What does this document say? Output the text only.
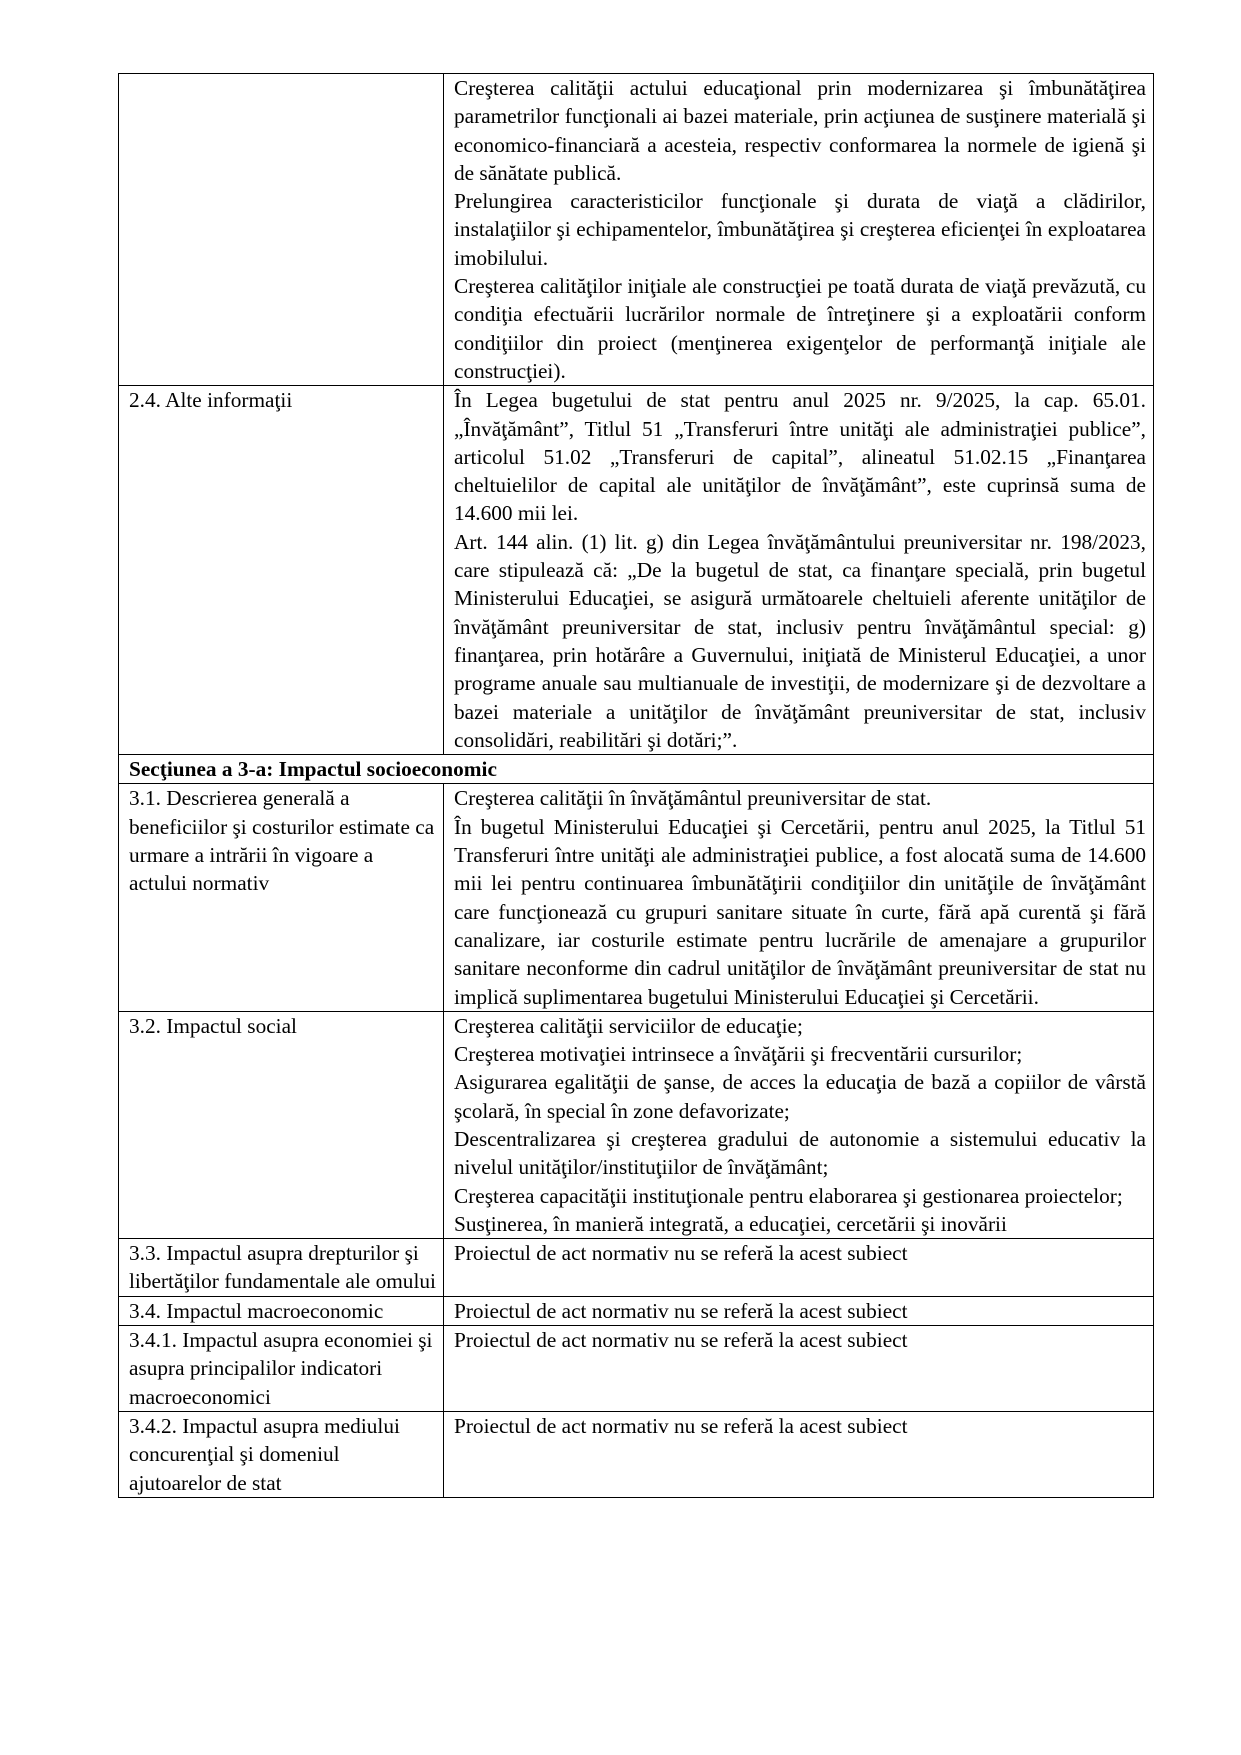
	Creşterea calităţii actului educaţional prin modernizarea şi îmbunătăţirea parametrilor funcţionali ai bazei materiale, prin acţiunea de susţinere materială şi economico-financiară a acesteia, respectiv conformarea la normele de igienă şi de sănătate publică.

Prelungirea caracteristicilor funcţionale şi durata de viaţă a clădirilor, instalaţiilor şi echipamentelor, îmbunătăţirea şi creşterea eficienţei în exploatarea imobilului.

Creşterea calităţilor iniţiale ale construcţiei pe toată durata de viaţă prevăzută, cu condiţia efectuării lucrărilor normale de întreţinere şi a exploatării conform condiţiilor din proiect (menţinerea exigenţelor de performanţă iniţiale ale construcţiei).

2.4. Alte informaţii	În Legea bugetului de stat pentru anul 2025 nr. 9/2025, la cap. 65.01. „Învăţământ”, Titlul 51 „Transferuri între unităţi ale administraţiei publice”, articolul 51.02 „Transferuri de capital”, alineatul 51.02.15 „Finanţarea cheltuielilor de capital ale unităţilor de învăţământ”, este cuprinsă suma de 14.600 mii lei.

Art. 144 alin. (1) lit. g) din Legea învăţământului preuniversitar nr. 198/2023, care stipulează că: „De la bugetul de stat, ca finanţare specială, prin bugetul Ministerului Educaţiei, se asigură următoarele cheltuieli aferente unităţilor de învăţământ preuniversitar de stat, inclusiv pentru învăţământul special: g) finanţarea, prin hotărâre a Guvernului, iniţiată de Ministerul Educaţiei, a unor programe anuale sau multianuale de investiţii, de modernizare şi de dezvoltare a bazei materiale a unităţilor de învăţământ preuniversitar de stat, inclusiv consolidări, reabilitări şi dotări;”.

Secţiunea a 3-a: Impactul socioeconomic	
3.1. Descrierea generală a beneficiilor şi costurilor estimate ca urmare a intrării în vigoare a actului normativ	Creşterea calităţii în învăţământul preuniversitar de stat.

În bugetul Ministerului Educaţiei şi Cercetării, pentru anul 2025, la Titlul 51 Transferuri între unităţi ale administraţiei publice, a fost alocată suma de 14.600 mii lei pentru continuarea îmbunătăţirii condiţiilor din unităţile de învăţământ care funcţionează cu grupuri sanitare situate în curte, fără apă curentă şi fără canalizare, iar costurile estimate pentru lucrările de amenajare a grupurilor sanitare neconforme din cadrul unităţilor de învăţământ preuniversitar de stat nu implică suplimentarea bugetului Ministerului Educaţiei şi Cercetării.

3.2. Impactul social	Creşterea calităţii serviciilor de educaţie;

Creşterea motivaţiei intrinsece a învăţării şi frecventării cursurilor;

Asigurarea egalităţii de şanse, de acces la educaţia de bază a copiilor de vârstă şcolară, în special în zone defavorizate;

Descentralizarea şi creşterea gradului de autonomie a sistemului educativ la nivelul unităţilor/instituţiilor de învăţământ;

Creşterea capacităţii instituţionale pentru elaborarea şi gestionarea proiectelor;

Susţinerea, în manieră integrată, a educaţiei, cercetării şi inovării

3.3. Impactul asupra drepturilor şi libertăţilor fundamentale ale omului	Proiectul de act normativ nu se referă la acest subiect

3.4. Impactul macroeconomic	Proiectul de act normativ nu se referă la acest subiect

3.4.1. Impactul asupra economiei şi asupra principalilor indicatori macroeconomici	Proiectul de act normativ nu se referă la acest subiect

3.4.2. Impactul asupra mediului concurenţial şi domeniul ajutoarelor de stat	Proiectul de act normativ nu se referă la acest subiect
